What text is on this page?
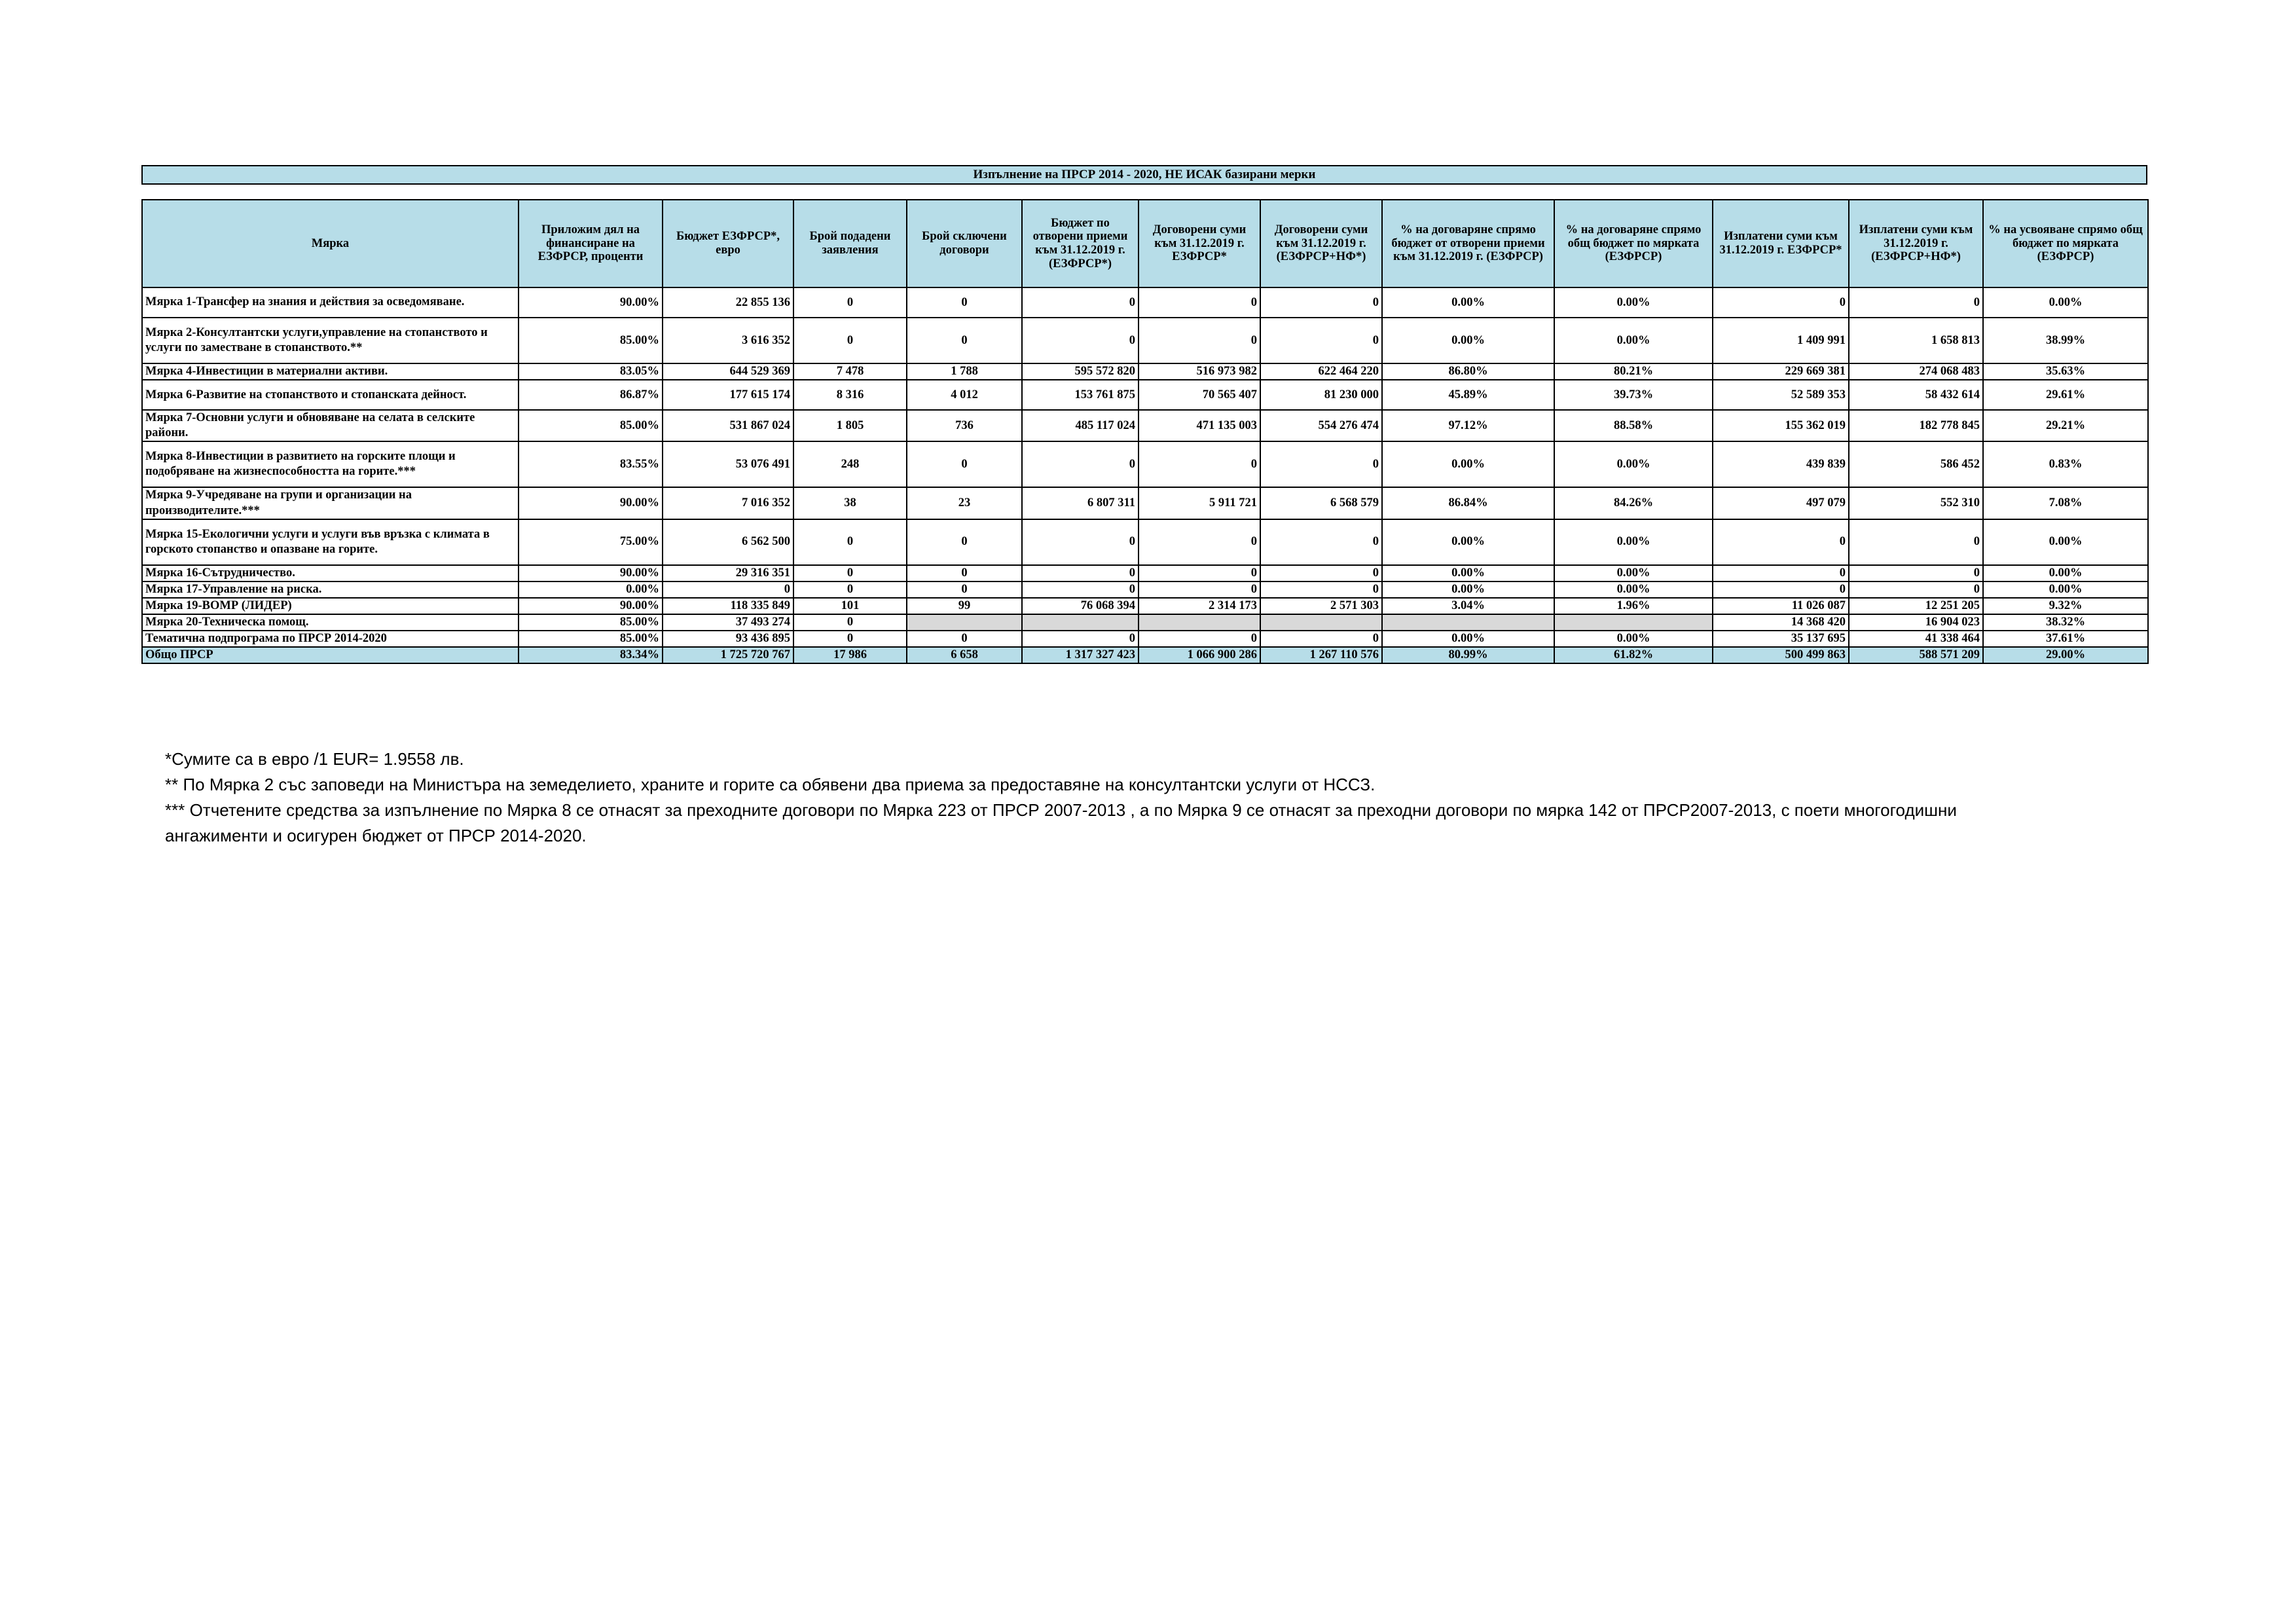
Изпълнение на ПРСР 2014 - 2020, НЕ ИСАК базирани мерки
Мярка	Приложим дял на финансиране на ЕЗФРСР, проценти	Бюджет ЕЗФРСР*, евро	Брой подадени заявления	Брой сключени договори	Бюджет по отворени приеми към 31.12.2019 г. (ЕЗФРСР*)	Договорени суми към 31.12.2019 г. ЕЗФРСР*	Договорени суми към 31.12.2019 г. (ЕЗФРСР+НФ*)	% на договаряне спрямо бюджет от отворени приеми към 31.12.2019 г. (ЕЗФРСР)	% на договаряне спрямо общ бюджет по мярката (ЕЗФРСР)	Изплатени суми към 31.12.2019 г. ЕЗФРСР*	Изплатени суми към 31.12.2019 г. (ЕЗФРСР+НФ*)	% на усвояване спрямо общ бюджет по мярката (ЕЗФРСР)
Мярка 1-Трансфер на знания и действия за осведомяване.	90.00%	22 855 136	0	0	0	0	0	0.00%	0.00%	0	0	0.00%
Мярка 2-Консултантски услуги,управление на стопанството и услуги по заместване в стопанството.**	85.00%	3 616 352	0	0	0	0	0	0.00%	0.00%	1 409 991	1 658 813	38.99%
Мярка 4-Инвестиции в материални активи.	83.05%	644 529 369	7 478	1 788	595 572 820	516 973 982	622 464 220	86.80%	80.21%	229 669 381	274 068 483	35.63%
Мярка 6-Развитие на стопанството и стопанската дейност.	86.87%	177 615 174	8 316	4 012	153 761 875	70 565 407	81 230 000	45.89%	39.73%	52 589 353	58 432 614	29.61%
Мярка 7-Основни услуги и обновяване на селата в селските райони.	85.00%	531 867 024	1 805	736	485 117 024	471 135 003	554 276 474	97.12%	88.58%	155 362 019	182 778 845	29.21%
Мярка 8-Инвестиции в развитието на горските площи и подобряване на жизнеспособността на горите.***	83.55%	53 076 491	248	0	0	0	0	0.00%	0.00%	439 839	586 452	0.83%
Мярка 9-Учредяване на групи и организации на производителите.***	90.00%	7 016 352	38	23	6 807 311	5 911 721	6 568 579	86.84%	84.26%	497 079	552 310	7.08%
Мярка 15-Екологични услуги и услуги във връзка с климата в горското стопанство и опазване на горите.	75.00%	6 562 500	0	0	0	0	0	0.00%	0.00%	0	0	0.00%
Мярка 16-Сътрудничество.	90.00%	29 316 351	0	0	0	0	0	0.00%	0.00%	0	0	0.00%
Мярка 17-Управление на риска.	0.00%	0	0	0	0	0	0	0.00%	0.00%	0	0	0.00%
Мярка 19-ВОМР (ЛИДЕР)	90.00%	118 335 849	101	99	76 068 394	2 314 173	2 571 303	3.04%	1.96%	11 026 087	12 251 205	9.32%
Мярка 20-Техническа помощ.	85.00%	37 493 274	0							14 368 420	16 904 023	38.32%
Тематична подпрограма по ПРСР 2014-2020	85.00%	93 436 895	0	0	0	0	0	0.00%	0.00%	35 137 695	41 338 464	37.61%
Общо ПРСР	83.34%	1 725 720 767	17 986	6 658	1 317 327 423	1 066 900 286	1 267 110 576	80.99%	61.82%	500 499 863	588 571 209	29.00%

*Сумите са в евро /1 EUR= 1.9558 лв.

** По Мярка 2 със заповеди на Министъра на земеделието, храните и горите са обявени два приема за предоставяне на консултантски услуги от НССЗ.

*** Отчетените средства за изпълнение по Мярка 8 се отнасят за преходните договори по Мярка 223 от ПРСР 2007-2013 , а по Мярка 9 се отнасят за преходни договори по мярка 142 от ПРСР2007-2013, с поети многогодишни ангажименти и осигурен бюджет от ПРСР 2014-2020.
